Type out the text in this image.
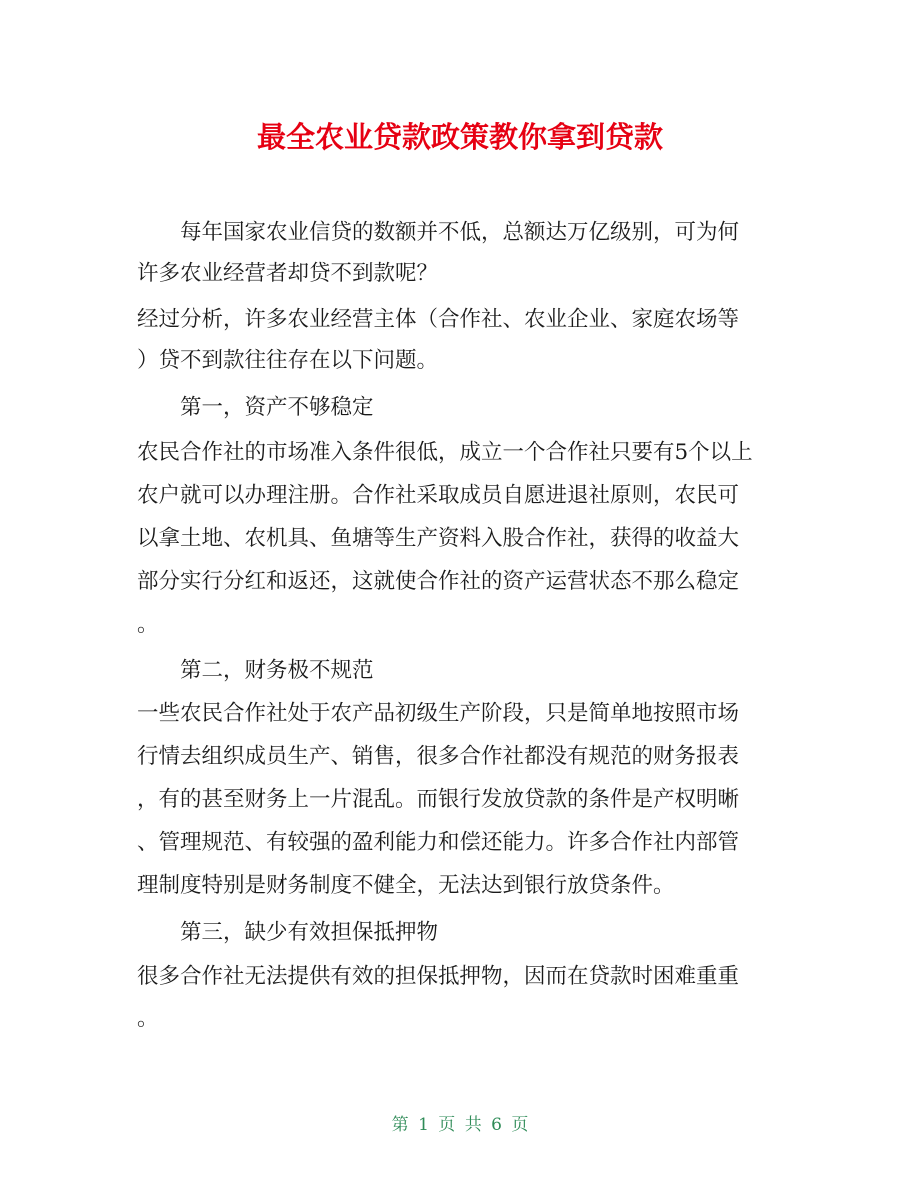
最全农业贷款政策教你拿到贷款
每年国家农业信贷的数额并不低，总额达万亿级别，可为何
许多农业经营者却贷不到款呢？
经过分析，许多农业经营主体（合作社、农业企业、家庭农场等
）贷不到款往往存在以下问题。
第一，资产不够稳定
农民合作社的市场准入条件很低，成立一个合作社只要有5个以上
农户就可以办理注册。合作社采取成员自愿进退社原则，农民可
以拿土地、农机具、鱼塘等生产资料入股合作社，获得的收益大
部分实行分红和返还，这就使合作社的资产运营状态不那么稳定
。
第二，财务极不规范
一些农民合作社处于农产品初级生产阶段，只是简单地按照市场
行情去组织成员生产、销售，很多合作社都没有规范的财务报表
，有的甚至财务上一片混乱。而银行发放贷款的条件是产权明晰
、管理规范、有较强的盈利能力和偿还能力。许多合作社内部管
理制度特别是财务制度不健全，无法达到银行放贷条件。
第三，缺少有效担保抵押物
很多合作社无法提供有效的担保抵押物，因而在贷款时困难重重
。
第 1 页 共 6 页
